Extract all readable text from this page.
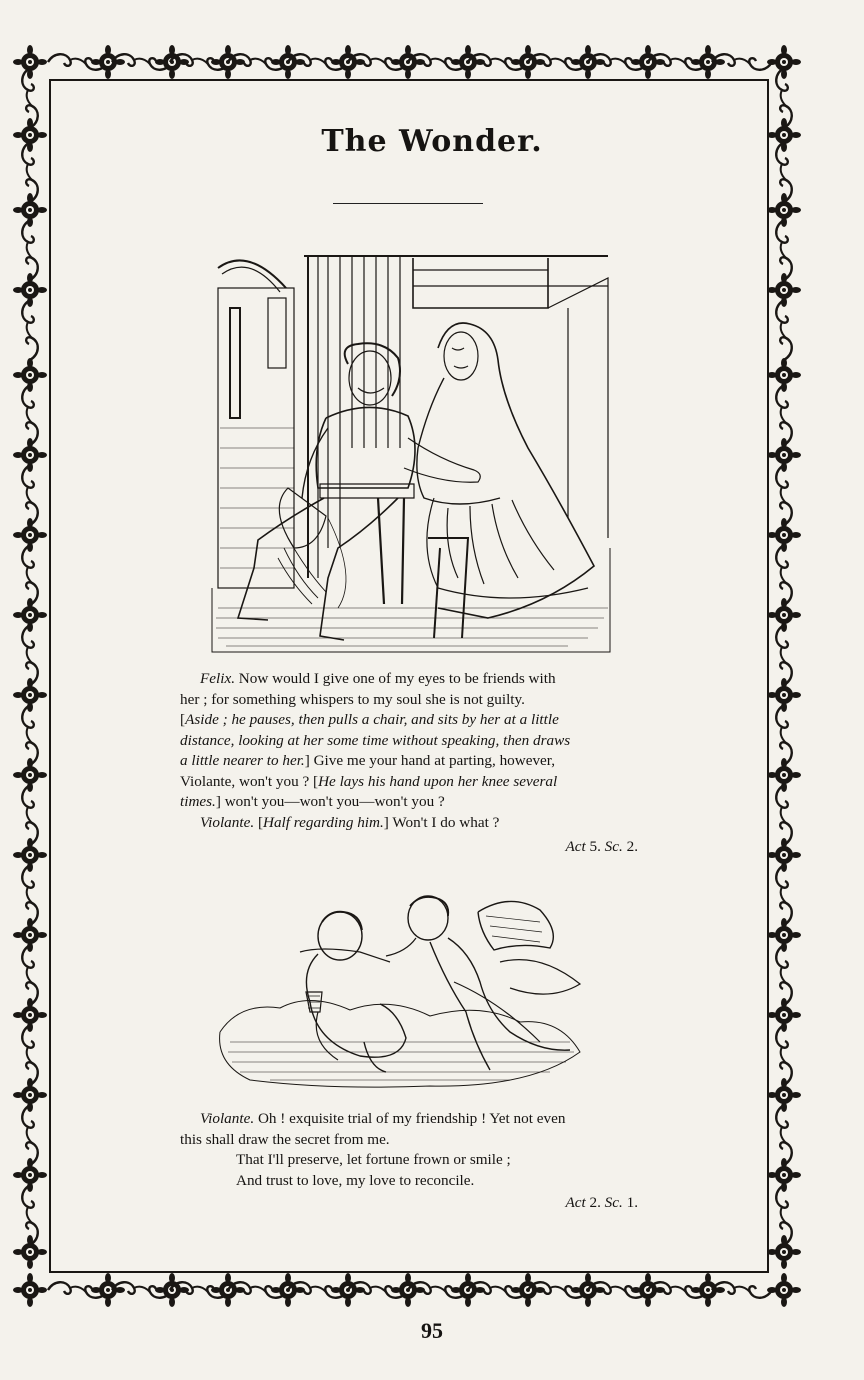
The Wonder.

Felix. Now would I give one of my eyes to be friends with

her ; for something whispers to my soul she is not guilty.

[Aside ; he pauses, then pulls a chair, and sits by her at a little

distance, looking at her some time without speaking, then draws

a little nearer to her.] Give me your hand at parting, however,

Violante, won't you ? [He lays his hand upon her knee several

times.] won't you—won't you—won't you ?

Violante. [Half regarding him.] Won't I do what ?

Act 5. Sc. 2.

Violante. Oh ! exquisite trial of my friendship ! Yet not even

this shall draw the secret from me.

That I'll preserve, let fortune frown or smile ;

And trust to love, my love to reconcile.

Act 2. Sc. 1.

95
